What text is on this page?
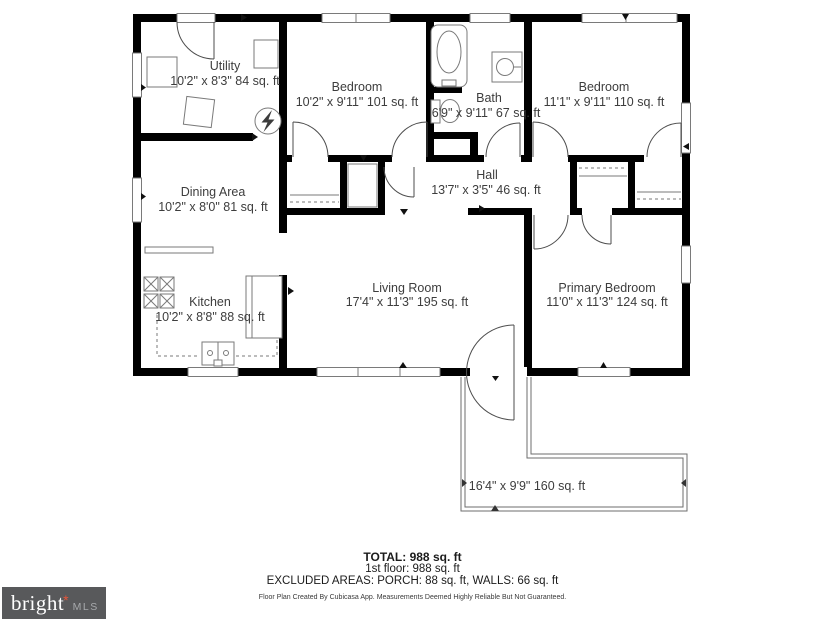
Utility
10'2" x 8'3" 84 sq. ft	Bedroom
10'2" x 9'11" 101 sq. ft	Bath
6'9" x 9'11" 67 sq. ft
Bedroom
11'1" x 9'11" 110 sq. ft
Dining Area
10'2" x 8'0" 81 sq. ft
Hall
13'7" x 3'5" 46 sq. ft
Kitchen
10'2" x 8'8" 88 sq. ft
Living Room
17'4" x 11'3" 195 sq. ft
Primary Bedroom
11'0" x 11'3" 124 sq. ft
16'4" x 9'9" 160 sq. ft
TOTAL: 988 sq. ft
1st floor: 988 sq. ft
EXCLUDED AREAS: PORCH: 88 sq. ft, WALLS: 66 sq. ft
Floor Plan Created By Cubicasa App. Measurements Deemed Highly Reliable But Not Guaranteed.
bright * MLS
